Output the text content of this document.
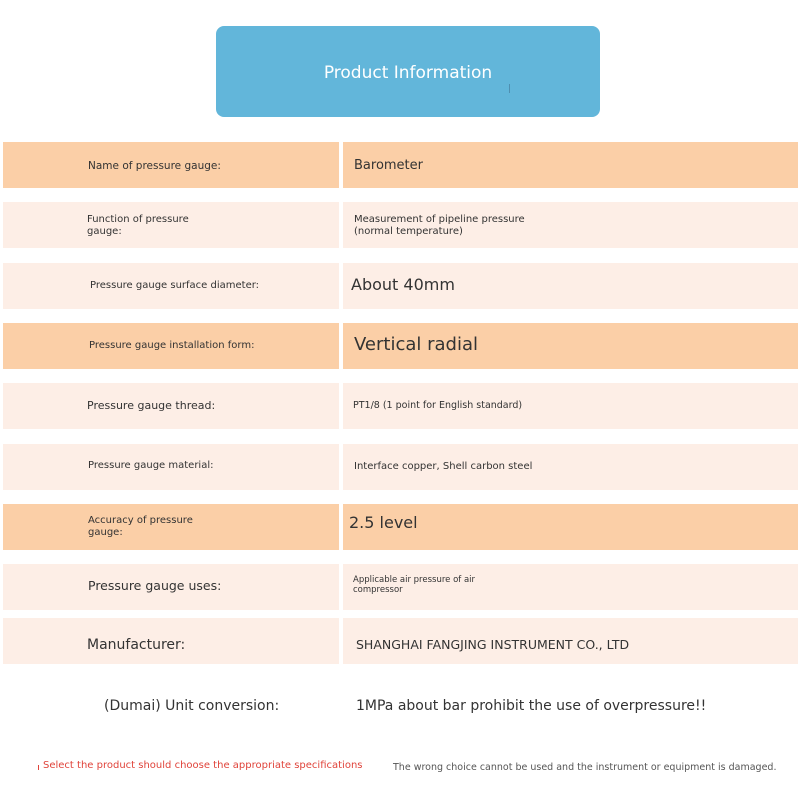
Product Information
Name of pressure gauge:	Barometer
Function of pressure gauge:
Measurement of pipeline pressure (normal temperature)
Pressure gauge surface diameter:	About 40mm
Pressure gauge installation form:	Vertical radial
Pressure gauge thread:	PT1/8 (1 point for English standard)
Pressure gauge material:	Interface copper, Shell carbon steel
Accuracy of pressure gauge:
2.5 level
Pressure gauge uses:	Applicable air pressure of air compressor
Manufacturer:	SHANGHAI FANGJING INSTRUMENT CO., LTD
(Dumai) Unit conversion:	1MPa about bar prohibit the use of overpressure!!
Select the product should choose the appropriate specifications	The wrong choice cannot be used and the instrument or equipment is damaged.
